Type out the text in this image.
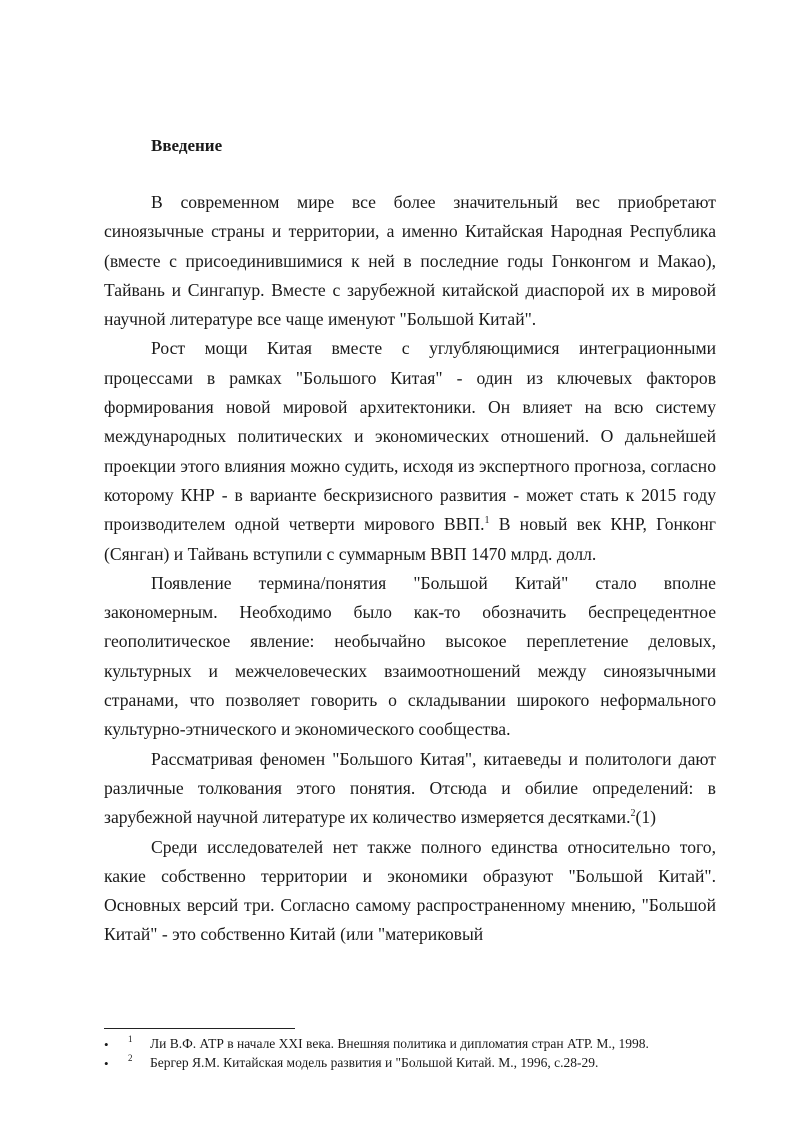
Введение

В современном мире все более значительный вес приобретают синоязычные страны и территории, а именно Китайская Народная Республика (вместе с присоединившимися к ней в последние годы Гонконгом и Макао), Тайвань и Сингапур. Вместе с зарубежной китайской диаспорой их в мировой научной литературе все чаще именуют "Большой Китай".

Рост мощи Китая вместе с углубляющимися интеграционными процессами в рамках "Большого Китая" - один из ключевых факторов формирования новой мировой архитектоники. Он влияет на всю систему международных политических и экономических отношений. О дальнейшей проекции этого влияния можно судить, исходя из экспертного прогноза, согласно которому КНР - в варианте бескризисного развития - может стать к 2015 году производителем одной четверти мирового ВВП.$^1$ В новый век КНР, Гонконг (Сянган) и Тайвань вступили с суммарным ВВП 1470 млрд. долл.

Появление термина/понятия "Большой Китай" стало вполне закономерным. Необходимо было как-то обозначить беспрецедентное геополитическое явление: необычайно высокое переплетение деловых, культурных и межчеловеческих взаимоотношений между синоязычными странами, что позволяет говорить о складывании широкого неформального культурно-этнического и экономического сообщества.

Рассматривая феномен "Большого Китая", китаеведы и политологи дают различные толкования этого понятия. Отсюда и обилие определений: в зарубежной научной литературе их количество измеряется десятками.$^2$(1)

Среди исследователей нет также полного единства относительно того, какие собственно территории и экономики образуют "Большой Китай". Основных версий три. Согласно самому распространенному мнению, "Большой Китай" - это собственно Китай (или "материковый

• 1 Ли В.Ф. АТР в начале XXI века. Внешняя политика и дипломатия стран АТР. М., 1998.
• 2 Бергер Я.М. Китайская модель развития и "Большой Китай. М., 1996, с.28-29.
